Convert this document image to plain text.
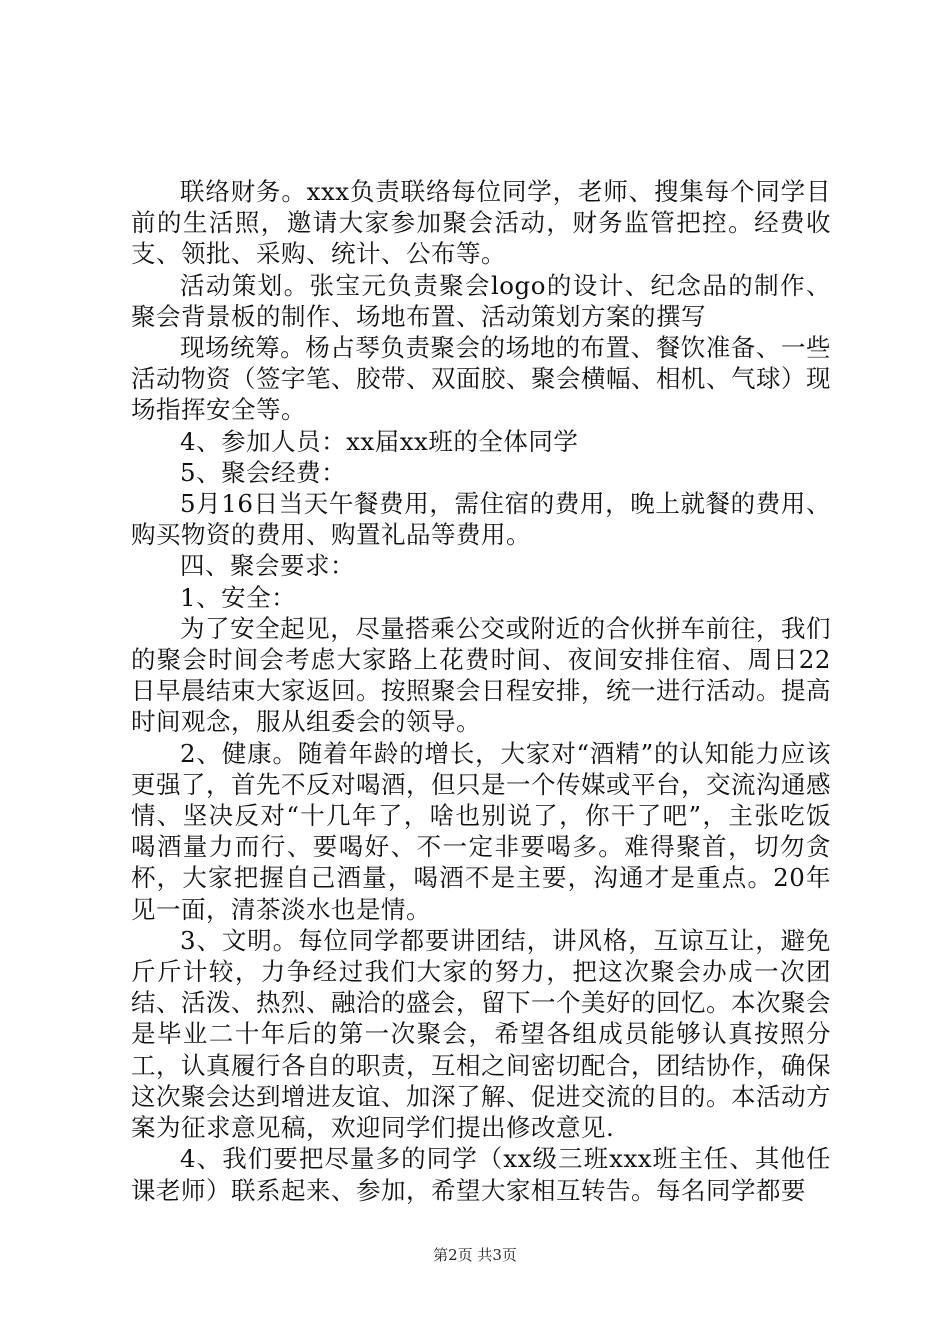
联络财务。xxx负责联络每位同学，老师、搜集每个同学目前的生活照，邀请大家参加聚会活动，财务监管把控。经费收支、领批、采购、统计、公布等。

活动策划。张宝元负责聚会logo的设计、纪念品的制作、聚会背景板的制作、场地布置、活动策划方案的撰写

现场统筹。杨占琴负责聚会的场地的布置、餐饮准备、一些活动物资（签字笔、胶带、双面胶、聚会横幅、相机、气球）现场指挥安全等。

4、参加人员：xx届xx班的全体同学

5、聚会经费：

5月16日当天午餐费用，需住宿的费用，晚上就餐的费用、购买物资的费用、购置礼品等费用。

四、聚会要求：

1、安全：

为了安全起见，尽量搭乘公交或附近的合伙拼车前往，我们的聚会时间会考虑大家路上花费时间、夜间安排住宿、周日22日早晨结束大家返回。按照聚会日程安排，统一进行活动。提高时间观念，服从组委会的领导。

2、健康。随着年龄的增长，大家对“酒精”的认知能力应该更强了，首先不反对喝酒，但只是一个传媒或平台，交流沟通感情、坚决反对“十几年了，啥也别说了，你干了吧”，主张吃饭喝酒量力而行、要喝好、不一定非要喝多。难得聚首，切勿贪杯，大家把握自己酒量，喝酒不是主要，沟通才是重点。20年见一面，清茶淡水也是情。

3、文明。每位同学都要讲团结，讲风格，互谅互让，避免斤斤计较，力争经过我们大家的努力，把这次聚会办成一次团结、活泼、热烈、融洽的盛会，留下一个美好的回忆。本次聚会是毕业二十年后的第一次聚会，希望各组成员能够认真按照分工，认真履行各自的职责，互相之间密切配合，团结协作，确保这次聚会达到增进友谊、加深了解、促进交流的目的。本活动方案为征求意见稿，欢迎同学们提出修改意见.

4、我们要把尽量多的同学（xx级三班xxx班主任、其他任课老师）联系起来、参加，希望大家相互转告。每名同学都要

第2页 共3页
